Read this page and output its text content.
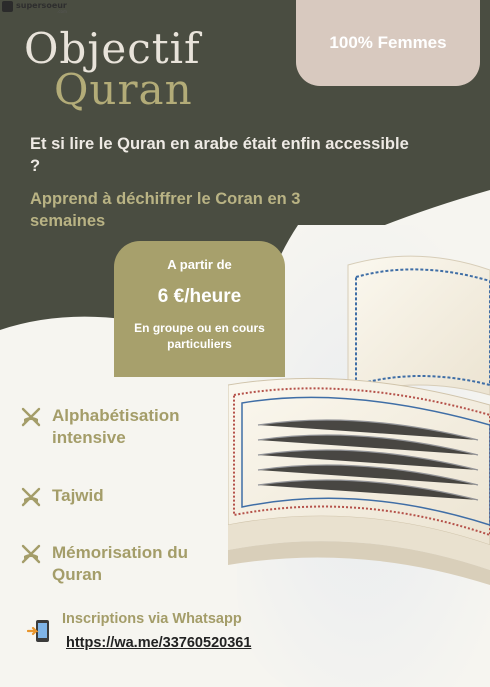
supersoeur
.com
Objectif
Quran
100% Femmes
Et si lire le Quran en arabe était enfin accessible ?
Apprend à déchiffrer le Coran en 3 semaines
A partir de
6 €/heure
En groupe ou en cours particuliers
Alphabétisation intensive
Tajwid
Mémorisation du Quran
Inscriptions via Whatsapp
https://wa.me/33760520361
